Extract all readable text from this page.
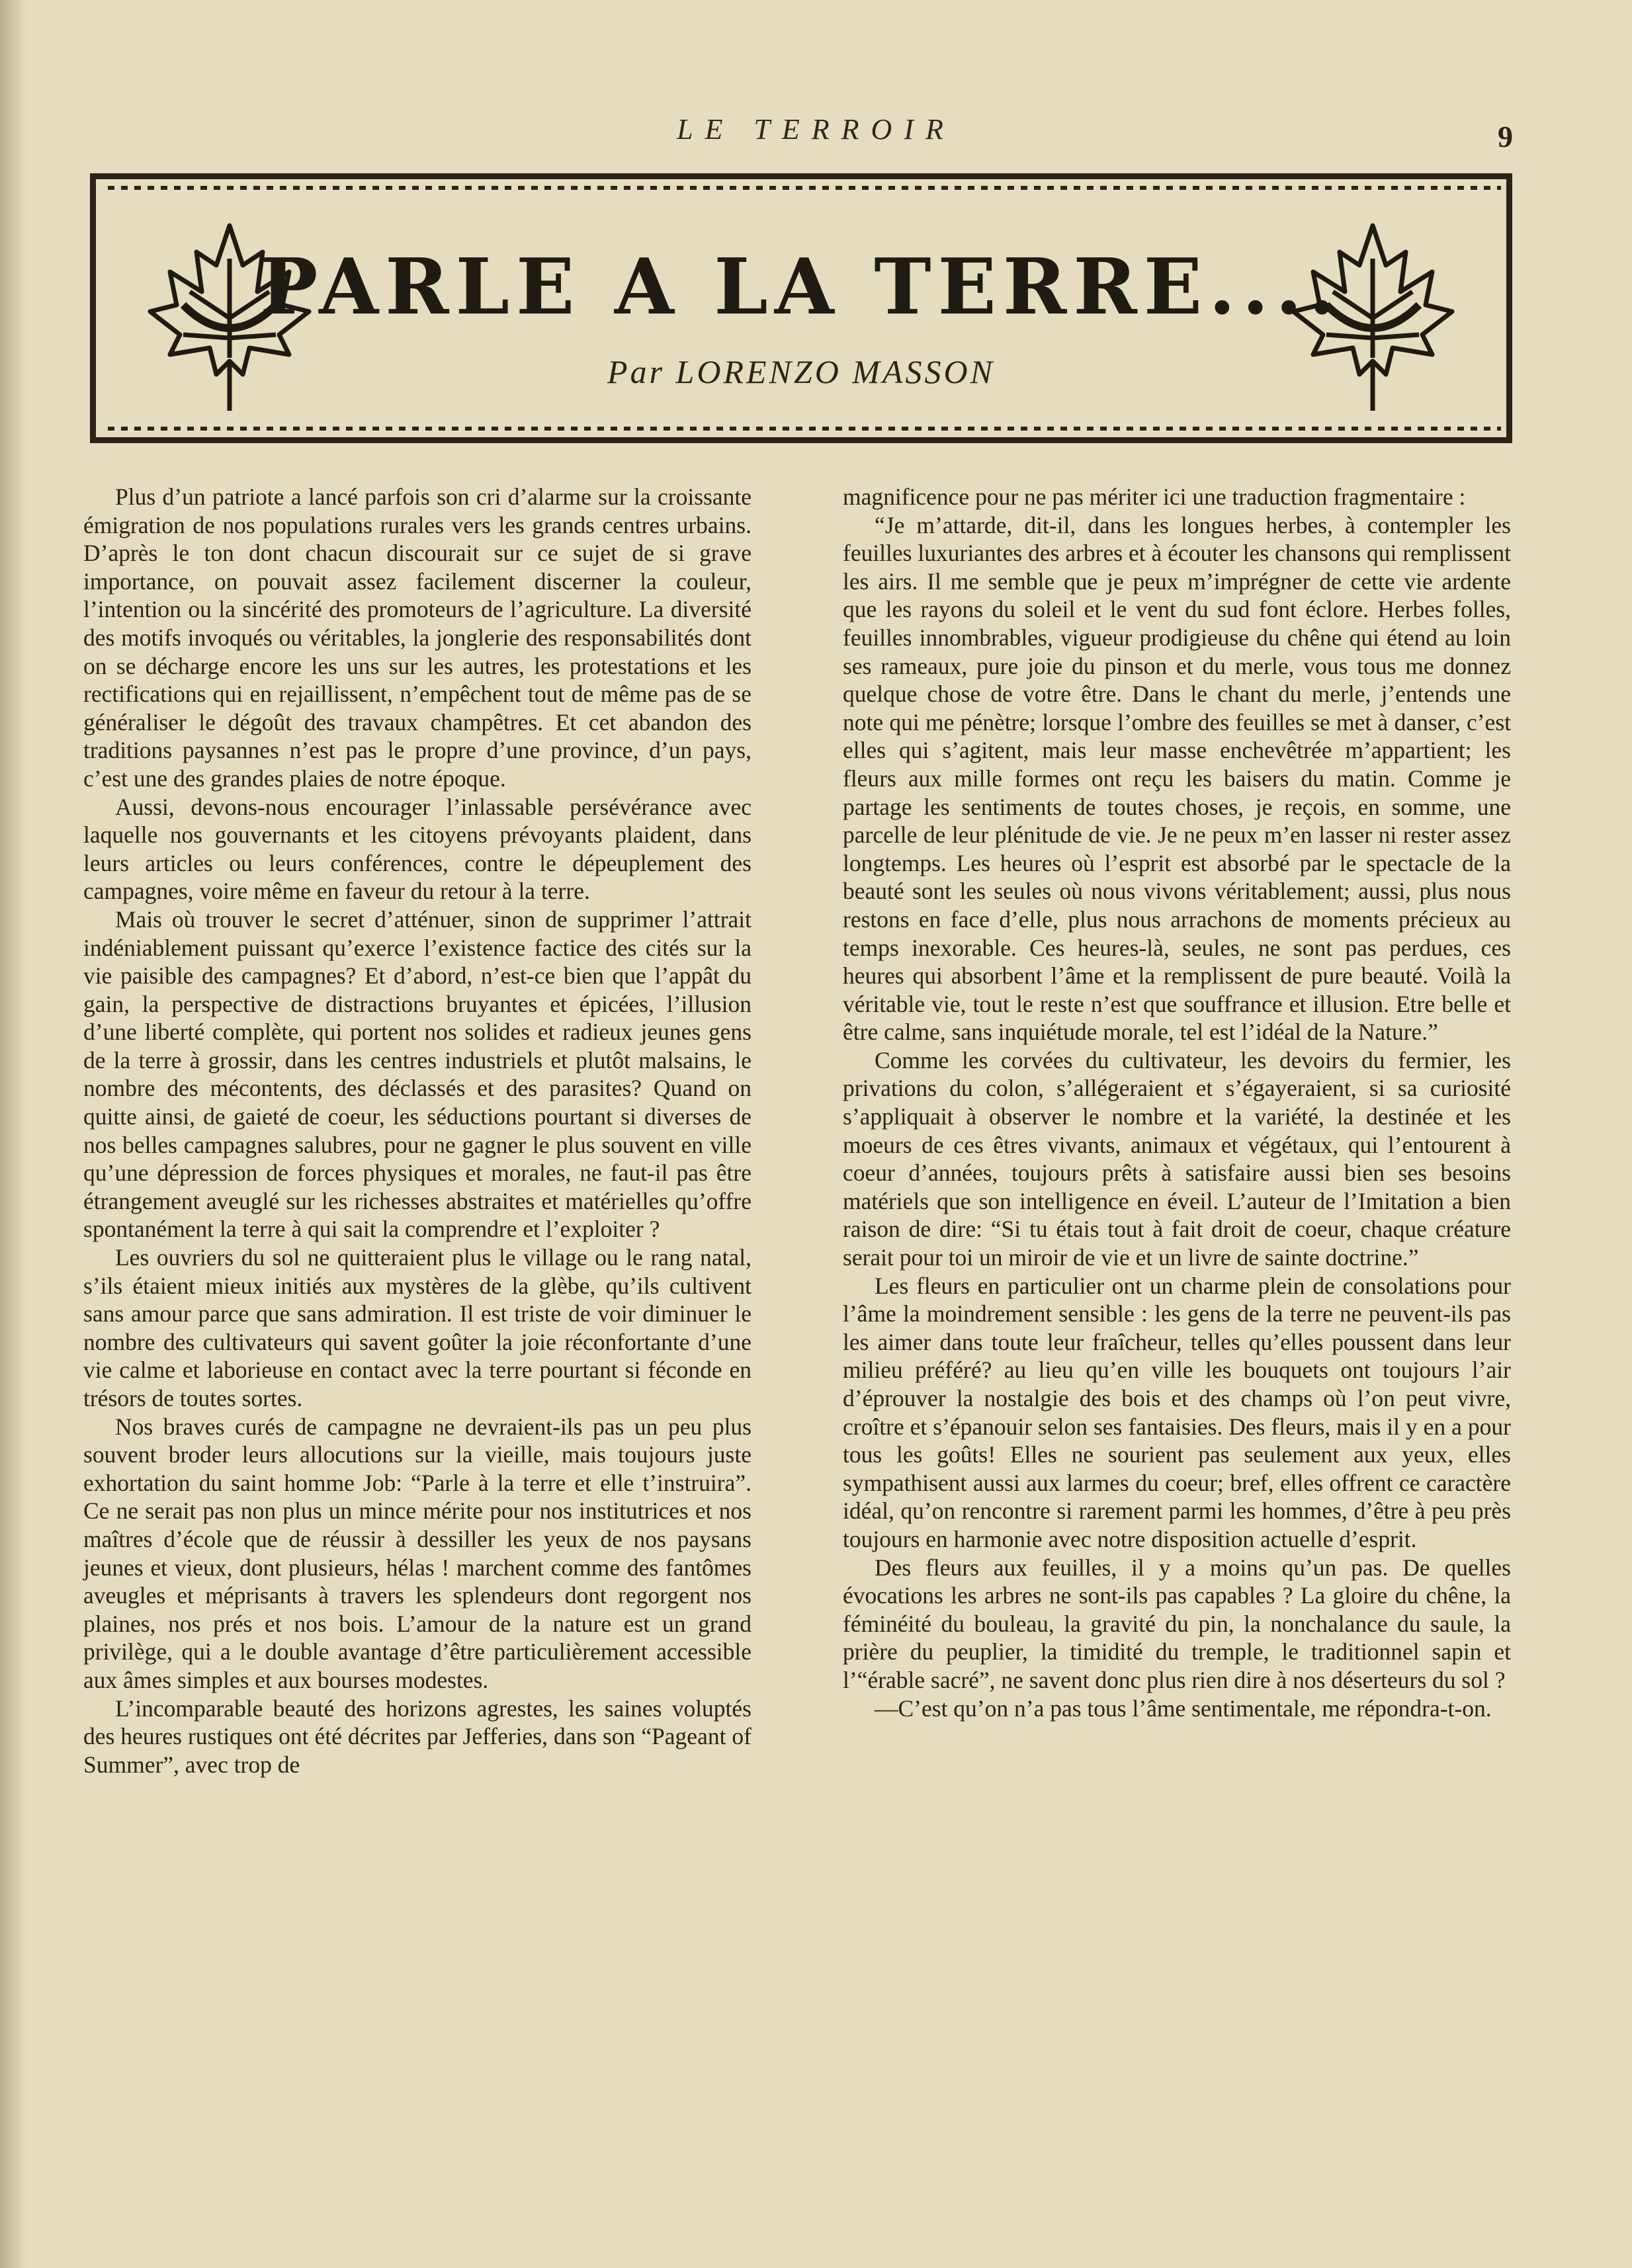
LE TERROIR	9
PARLE A LA TERRE....
Par LORENZO MASSON

Plus d’un patriote a lancé parfois son cri d’alarme sur la croissante émigration de nos populations rurales vers les grands centres urbains. D’après le ton dont chacun discourait sur ce sujet de si grave importance, on pouvait assez facilement discerner la couleur, l’intention ou la sincérité des promoteurs de l’agriculture. La diversité des motifs invoqués ou véritables, la jonglerie des responsabilités dont on se décharge encore les uns sur les autres, les protestations et les rectifications qui en rejaillissent, n’empêchent tout de même pas de se généraliser le dégoût des travaux champêtres. Et cet abandon des traditions paysannes n’est pas le propre d’une province, d’un pays, c’est une des grandes plaies de notre époque.

Aussi, devons-nous encourager l’inlassable persévérance avec laquelle nos gouvernants et les citoyens prévoyants plaident, dans leurs articles ou leurs conférences, contre le dépeuplement des campagnes, voire même en faveur du retour à la terre.

Mais où trouver le secret d’atténuer, sinon de supprimer l’attrait indéniablement puissant qu’exerce l’existence factice des cités sur la vie paisible des campagnes? Et d’abord, n’est-ce bien que l’appât du gain, la perspective de distractions bruyantes et épicées, l’illusion d’une liberté complète, qui portent nos solides et radieux jeunes gens de la terre à grossir, dans les centres industriels et plutôt malsains, le nombre des mécontents, des déclassés et des parasites? Quand on quitte ainsi, de gaieté de coeur, les séductions pourtant si diverses de nos belles campagnes salubres, pour ne gagner le plus souvent en ville qu’une dépression de forces physiques et morales, ne faut-il pas être étrangement aveuglé sur les richesses abstraites et matérielles qu’offre spontanément la terre à qui sait la comprendre et l’exploiter ?

Les ouvriers du sol ne quitteraient plus le village ou le rang natal, s’ils étaient mieux initiés aux mystères de la glèbe, qu’ils cultivent sans amour parce que sans admiration. Il est triste de voir diminuer le nombre des cultivateurs qui savent goûter la joie réconfortante d’une vie calme et laborieuse en contact avec la terre pourtant si féconde en trésors de toutes sortes.

Nos braves curés de campagne ne devraient-ils pas un peu plus souvent broder leurs allocutions sur la vieille, mais toujours juste exhortation du saint homme Job: “Parle à la terre et elle t’instruira”. Ce ne serait pas non plus un mince mérite pour nos institutrices et nos maîtres d’école que de réussir à dessiller les yeux de nos paysans jeunes et vieux, dont plusieurs, hélas ! marchent comme des fantômes aveugles et méprisants à travers les splendeurs dont regorgent nos plaines, nos prés et nos bois. L’amour de la nature est un grand privilège, qui a le double avantage d’être particulièrement accessible aux âmes simples et aux bourses modestes.

L’incomparable beauté des horizons agrestes, les saines voluptés des heures rustiques ont été décrites par Jefferies, dans son “Pageant of Summer”, avec trop de

magnificence pour ne pas mériter ici une traduction fragmentaire :

“Je m’attarde, dit-il, dans les longues herbes, à contempler les feuilles luxuriantes des arbres et à écouter les chansons qui remplissent les airs. Il me semble que je peux m’imprégner de cette vie ardente que les rayons du soleil et le vent du sud font éclore. Herbes folles, feuilles innombrables, vigueur prodigieuse du chêne qui étend au loin ses rameaux, pure joie du pinson et du merle, vous tous me donnez quelque chose de votre être. Dans le chant du merle, j’entends une note qui me pénètre; lorsque l’ombre des feuilles se met à danser, c’est elles qui s’agitent, mais leur masse enchevêtrée m’appartient; les fleurs aux mille formes ont reçu les baisers du matin. Comme je partage les sentiments de toutes choses, je reçois, en somme, une parcelle de leur plénitude de vie. Je ne peux m’en lasser ni rester assez longtemps. Les heures où l’esprit est absorbé par le spectacle de la beauté sont les seules où nous vivons véritablement; aussi, plus nous restons en face d’elle, plus nous arrachons de moments précieux au temps inexorable. Ces heures-là, seules, ne sont pas perdues, ces heures qui absorbent l’âme et la remplissent de pure beauté. Voilà la véritable vie, tout le reste n’est que souffrance et illusion. Etre belle et être calme, sans inquiétude morale, tel est l’idéal de la Nature.”

Comme les corvées du cultivateur, les devoirs du fermier, les privations du colon, s’allégeraient et s’égayeraient, si sa curiosité s’appliquait à observer le nombre et la variété, la destinée et les moeurs de ces êtres vivants, animaux et végétaux, qui l’entourent à coeur d’années, toujours prêts à satisfaire aussi bien ses besoins matériels que son intelligence en éveil. L’auteur de l’Imitation a bien raison de dire: “Si tu étais tout à fait droit de coeur, chaque créature serait pour toi un miroir de vie et un livre de sainte doctrine.”

Les fleurs en particulier ont un charme plein de consolations pour l’âme la moindrement sensible : les gens de la terre ne peuvent-ils pas les aimer dans toute leur fraîcheur, telles qu’elles poussent dans leur milieu préféré? au lieu qu’en ville les bouquets ont toujours l’air d’éprouver la nostalgie des bois et des champs où l’on peut vivre, croître et s’épanouir selon ses fantaisies. Des fleurs, mais il y en a pour tous les goûts! Elles ne sourient pas seulement aux yeux, elles sympathisent aussi aux larmes du coeur; bref, elles offrent ce caractère idéal, qu’on rencontre si rarement parmi les hommes, d’être à peu près toujours en harmonie avec notre disposition actuelle d’esprit.

Des fleurs aux feuilles, il y a moins qu’un pas. De quelles évocations les arbres ne sont-ils pas capables ? La gloire du chêne, la féminéité du bouleau, la gravité du pin, la nonchalance du saule, la prière du peuplier, la timidité du tremple, le traditionnel sapin et l’“érable sacré”, ne savent donc plus rien dire à nos déserteurs du sol ?

—C’est qu’on n’a pas tous l’âme sentimentale, me répondra-t-on.
